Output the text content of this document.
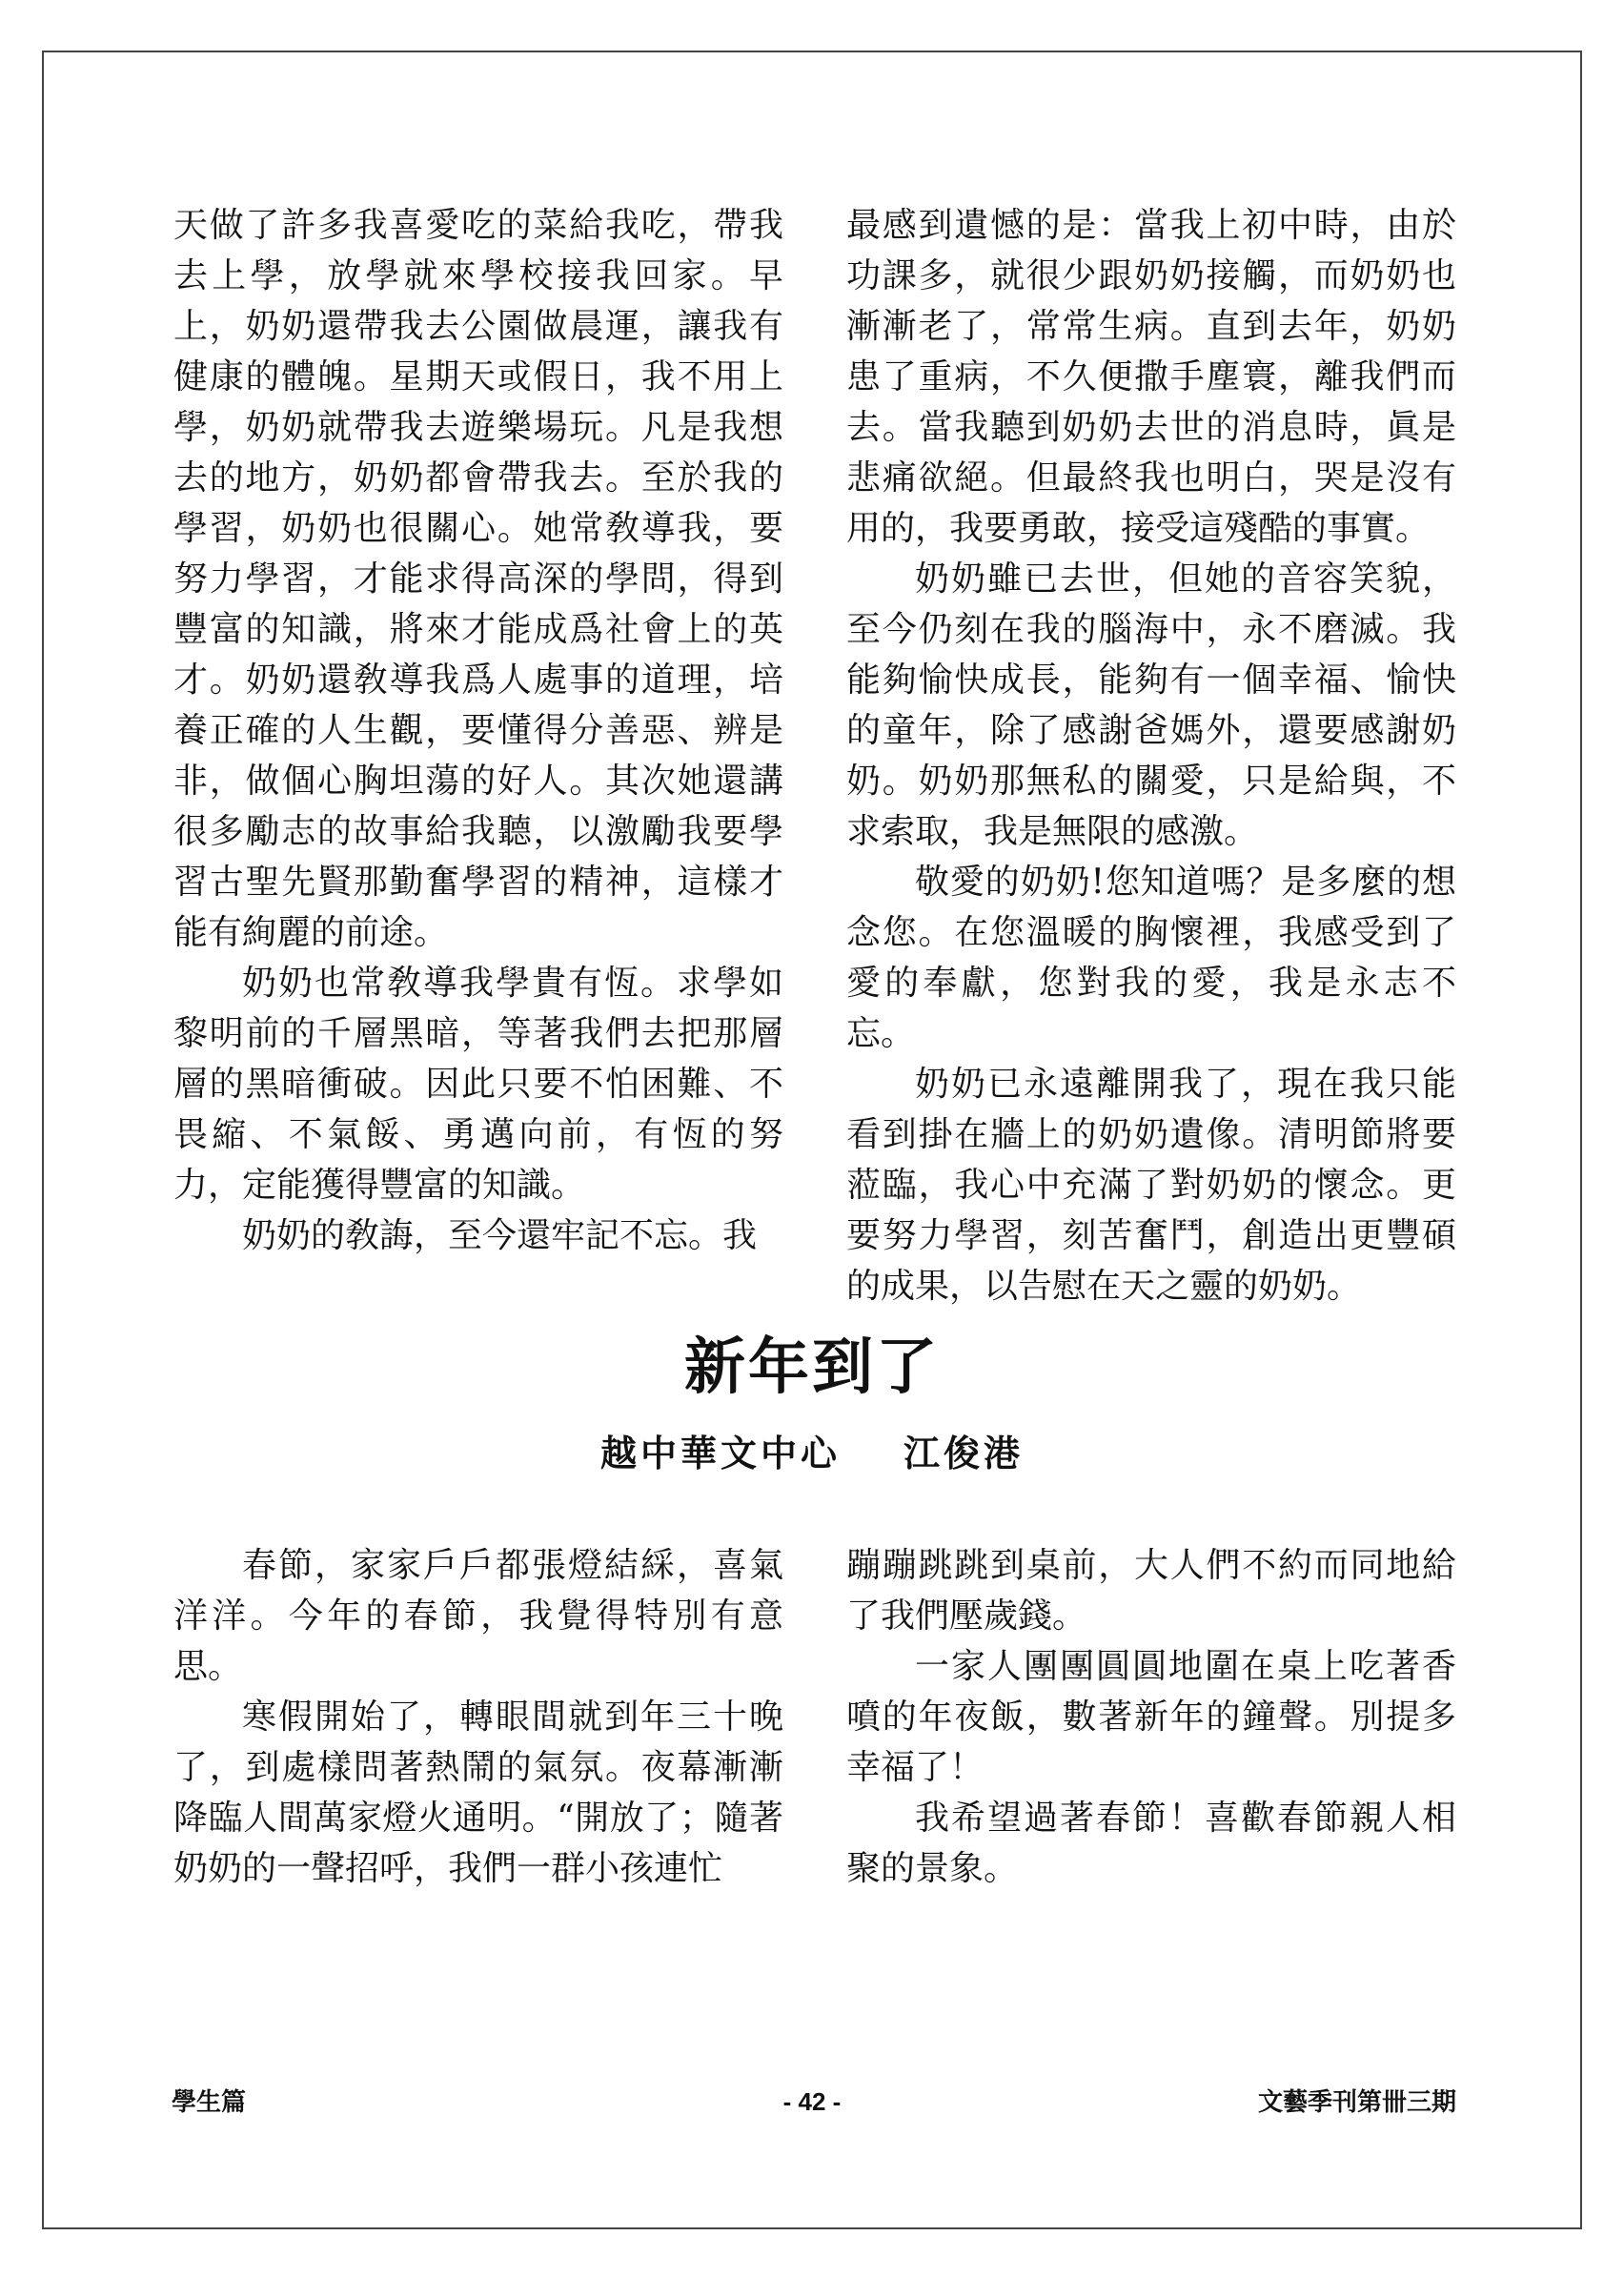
天做了許多我喜愛吃的菜給我吃，帶我去上學，放學就來學校接我回家。早上，奶奶還帶我去公園做晨運，讓我有健康的體魄。星期天或假日，我不用上學，奶奶就帶我去遊樂場玩。凡是我想去的地方，奶奶都會帶我去。至於我的學習，奶奶也很關心。她常敎導我，要努力學習，才能求得高深的學問，得到豐富的知識，將來才能成爲社會上的英才。奶奶還敎導我爲人處事的道理，培養正確的人生觀，要懂得分善惡、辨是非，做個心胸坦蕩的好人。其次她還講很多勵志的故事給我聽，以激勵我要學習古聖先賢那勤奮學習的精神，這樣才能有絢麗的前途。

奶奶也常敎導我學貴有恆。求學如黎明前的千層黑暗，等著我們去把那層層的黑暗衝破。因此只要不怕困難、不畏縮、不氣餒、勇邁向前，有恆的努力，定能獲得豐富的知識。

奶奶的敎誨，至今還牢記不忘。我

最感到遺憾的是：當我上初中時，由於功課多，就很少跟奶奶接觸，而奶奶也漸漸老了，常常生病。直到去年，奶奶患了重病，不久便撒手塵寰，離我們而去。當我聽到奶奶去世的消息時，眞是悲痛欲絕。但最終我也明白，哭是沒有用的，我要勇敢，接受這殘酷的事實。

奶奶雖已去世，但她的音容笑貌，至今仍刻在我的腦海中，永不磨滅。我能夠愉快成長，能夠有一個幸福、愉快的童年，除了感謝爸媽外，還要感謝奶奶。奶奶那無私的關愛，只是給與，不求索取，我是無限的感激。

敬愛的奶奶!您知道嗎？是多麼的想念您。在您溫暖的胸懷裡，我感受到了愛的奉獻，您對我的愛，我是永志不忘。

奶奶已永遠離開我了，現在我只能看到掛在牆上的奶奶遺像。清明節將要蒞臨，我心中充滿了對奶奶的懷念。更要努力學習，刻苦奮鬥，創造出更豐碩的成果，以告慰在天之靈的奶奶。

新年到了
越中華文中心 江俊港

春節，家家戶戶都張燈結綵，喜氣洋洋。今年的春節，我覺得特別有意思。

寒假開始了，轉眼間就到年三十晚了，到處樣問著熱鬧的氣氛。夜幕漸漸降臨人間萬家燈火通明。“開放了；隨著奶奶的一聲招呼，我們一群小孩連忙

蹦蹦跳跳到桌前，大人們不約而同地給了我們壓歲錢。

一家人團團圓圓地圍在桌上吃著香噴的年夜飯，數著新年的鐘聲。別提多幸福了！

我希望過著春節！喜歡春節親人相聚的景象。

學生篇	- 42 -	文藝季刊第卌三期
